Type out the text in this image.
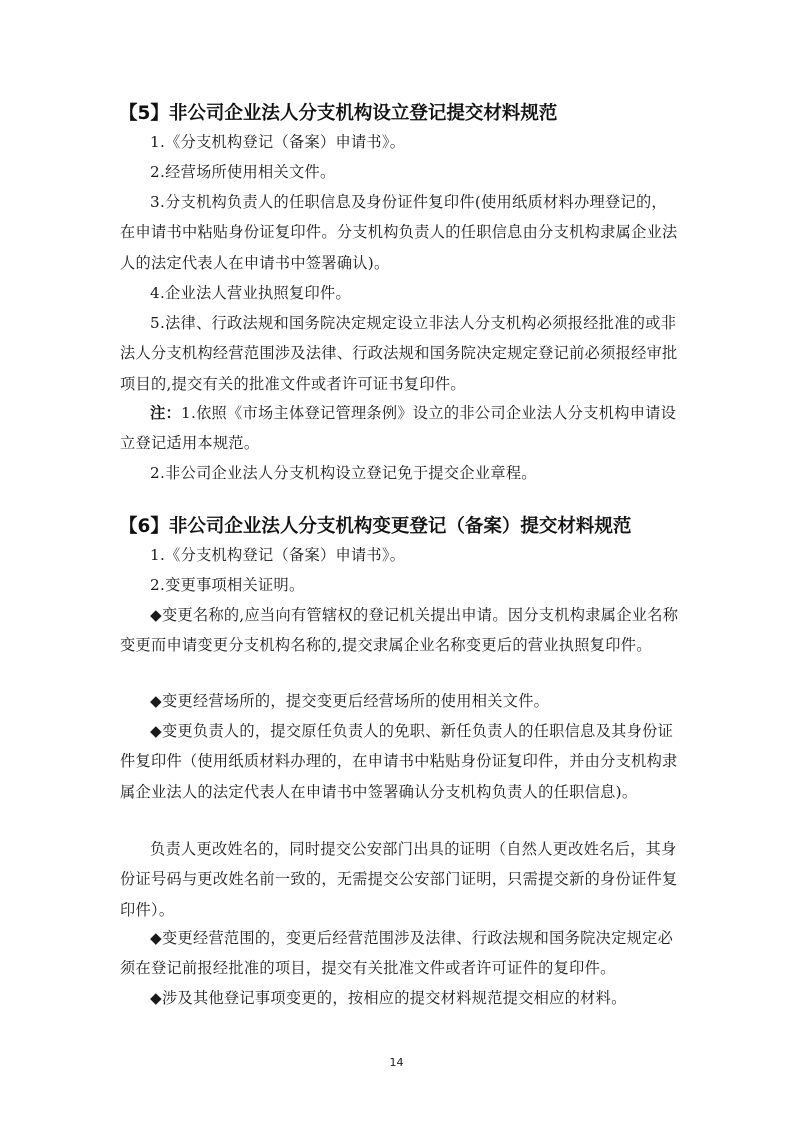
【5】非公司企业法人分支机构设立登记提交材料规范

1.《分支机构登记（备案）申请书》。

2.经营场所使用相关文件。

3.分支机构负责人的任职信息及身份证件复印件(使用纸质材料办理登记的，在申请书中粘贴身份证复印件。分支机构负责人的任职信息由分支机构隶属企业法人的法定代表人在申请书中签署确认)。

4.企业法人营业执照复印件。

5.法律、行政法规和国务院决定规定设立非法人分支机构必须报经批准的或非法人分支机构经营范围涉及法律、行政法规和国务院决定规定登记前必须报经审批项目的,提交有关的批准文件或者许可证书复印件。

注：1.依照《市场主体登记管理条例》设立的非公司企业法人分支机构申请设立登记适用本规范。

2.非公司企业法人分支机构设立登记免于提交企业章程。

【6】非公司企业法人分支机构变更登记（备案）提交材料规范

1.《分支机构登记（备案）申请书》。

2.变更事项相关证明。

◆变更名称的,应当向有管辖权的登记机关提出申请。因分支机构隶属企业名称变更而申请变更分支机构名称的,提交隶属企业名称变更后的营业执照复印件。

◆变更经营场所的，提交变更后经营场所的使用相关文件。

◆变更负责人的，提交原任负责人的免职、新任负责人的任职信息及其身份证件复印件（使用纸质材料办理的，在申请书中粘贴身份证复印件，并由分支机构隶属企业法人的法定代表人在申请书中签署确认分支机构负责人的任职信息)。

负责人更改姓名的，同时提交公安部门出具的证明（自然人更改姓名后，其身份证号码与更改姓名前一致的，无需提交公安部门证明，只需提交新的身份证件复印件）。

◆变更经营范围的，变更后经营范围涉及法律、行政法规和国务院决定规定必须在登记前报经批准的项目，提交有关批准文件或者许可证件的复印件。

◆涉及其他登记事项变更的，按相应的提交材料规范提交相应的材料。

14
